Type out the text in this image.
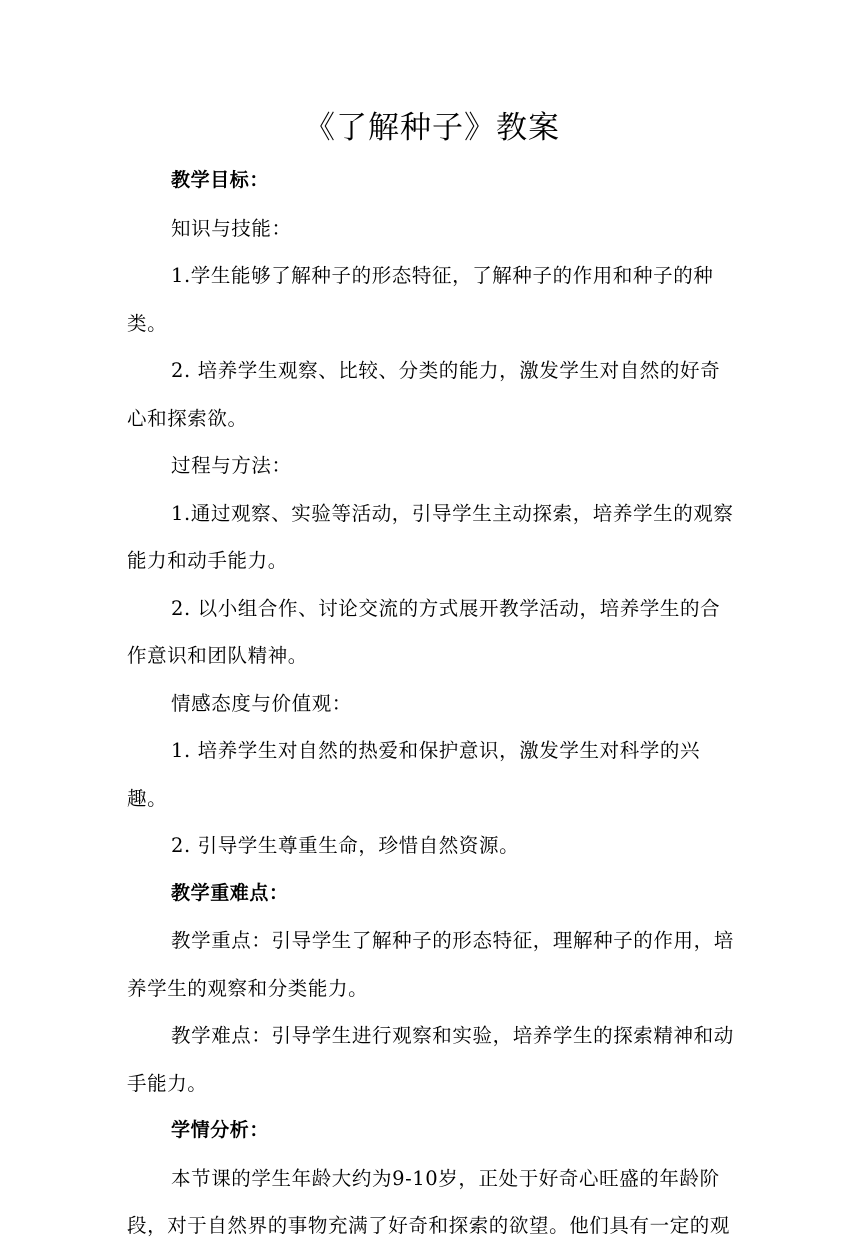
《了解种子》教案

教学目标：

知识与技能：

1.学生能够了解种子的形态特征，了解种子的作用和种子的种类。

2. 培养学生观察、比较、分类的能力，激发学生对自然的好奇心和探索欲。

过程与方法：

1.通过观察、实验等活动，引导学生主动探索，培养学生的观察能力和动手能力。

2. 以小组合作、讨论交流的方式展开教学活动，培养学生的合作意识和团队精神。

情感态度与价值观：

1. 培养学生对自然的热爱和保护意识，激发学生对科学的兴趣。

2. 引导学生尊重生命，珍惜自然资源。

教学重难点：

教学重点：引导学生了解种子的形态特征，理解种子的作用，培养学生的观察和分类能力。

教学难点：引导学生进行观察和实验，培养学生的探索精神和动手能力。

学情分析：

本节课的学生年龄大约为9-10岁，正处于好奇心旺盛的年龄阶段，对于自然界的事物充满了好奇和探索的欲望。他们具有一定的观
